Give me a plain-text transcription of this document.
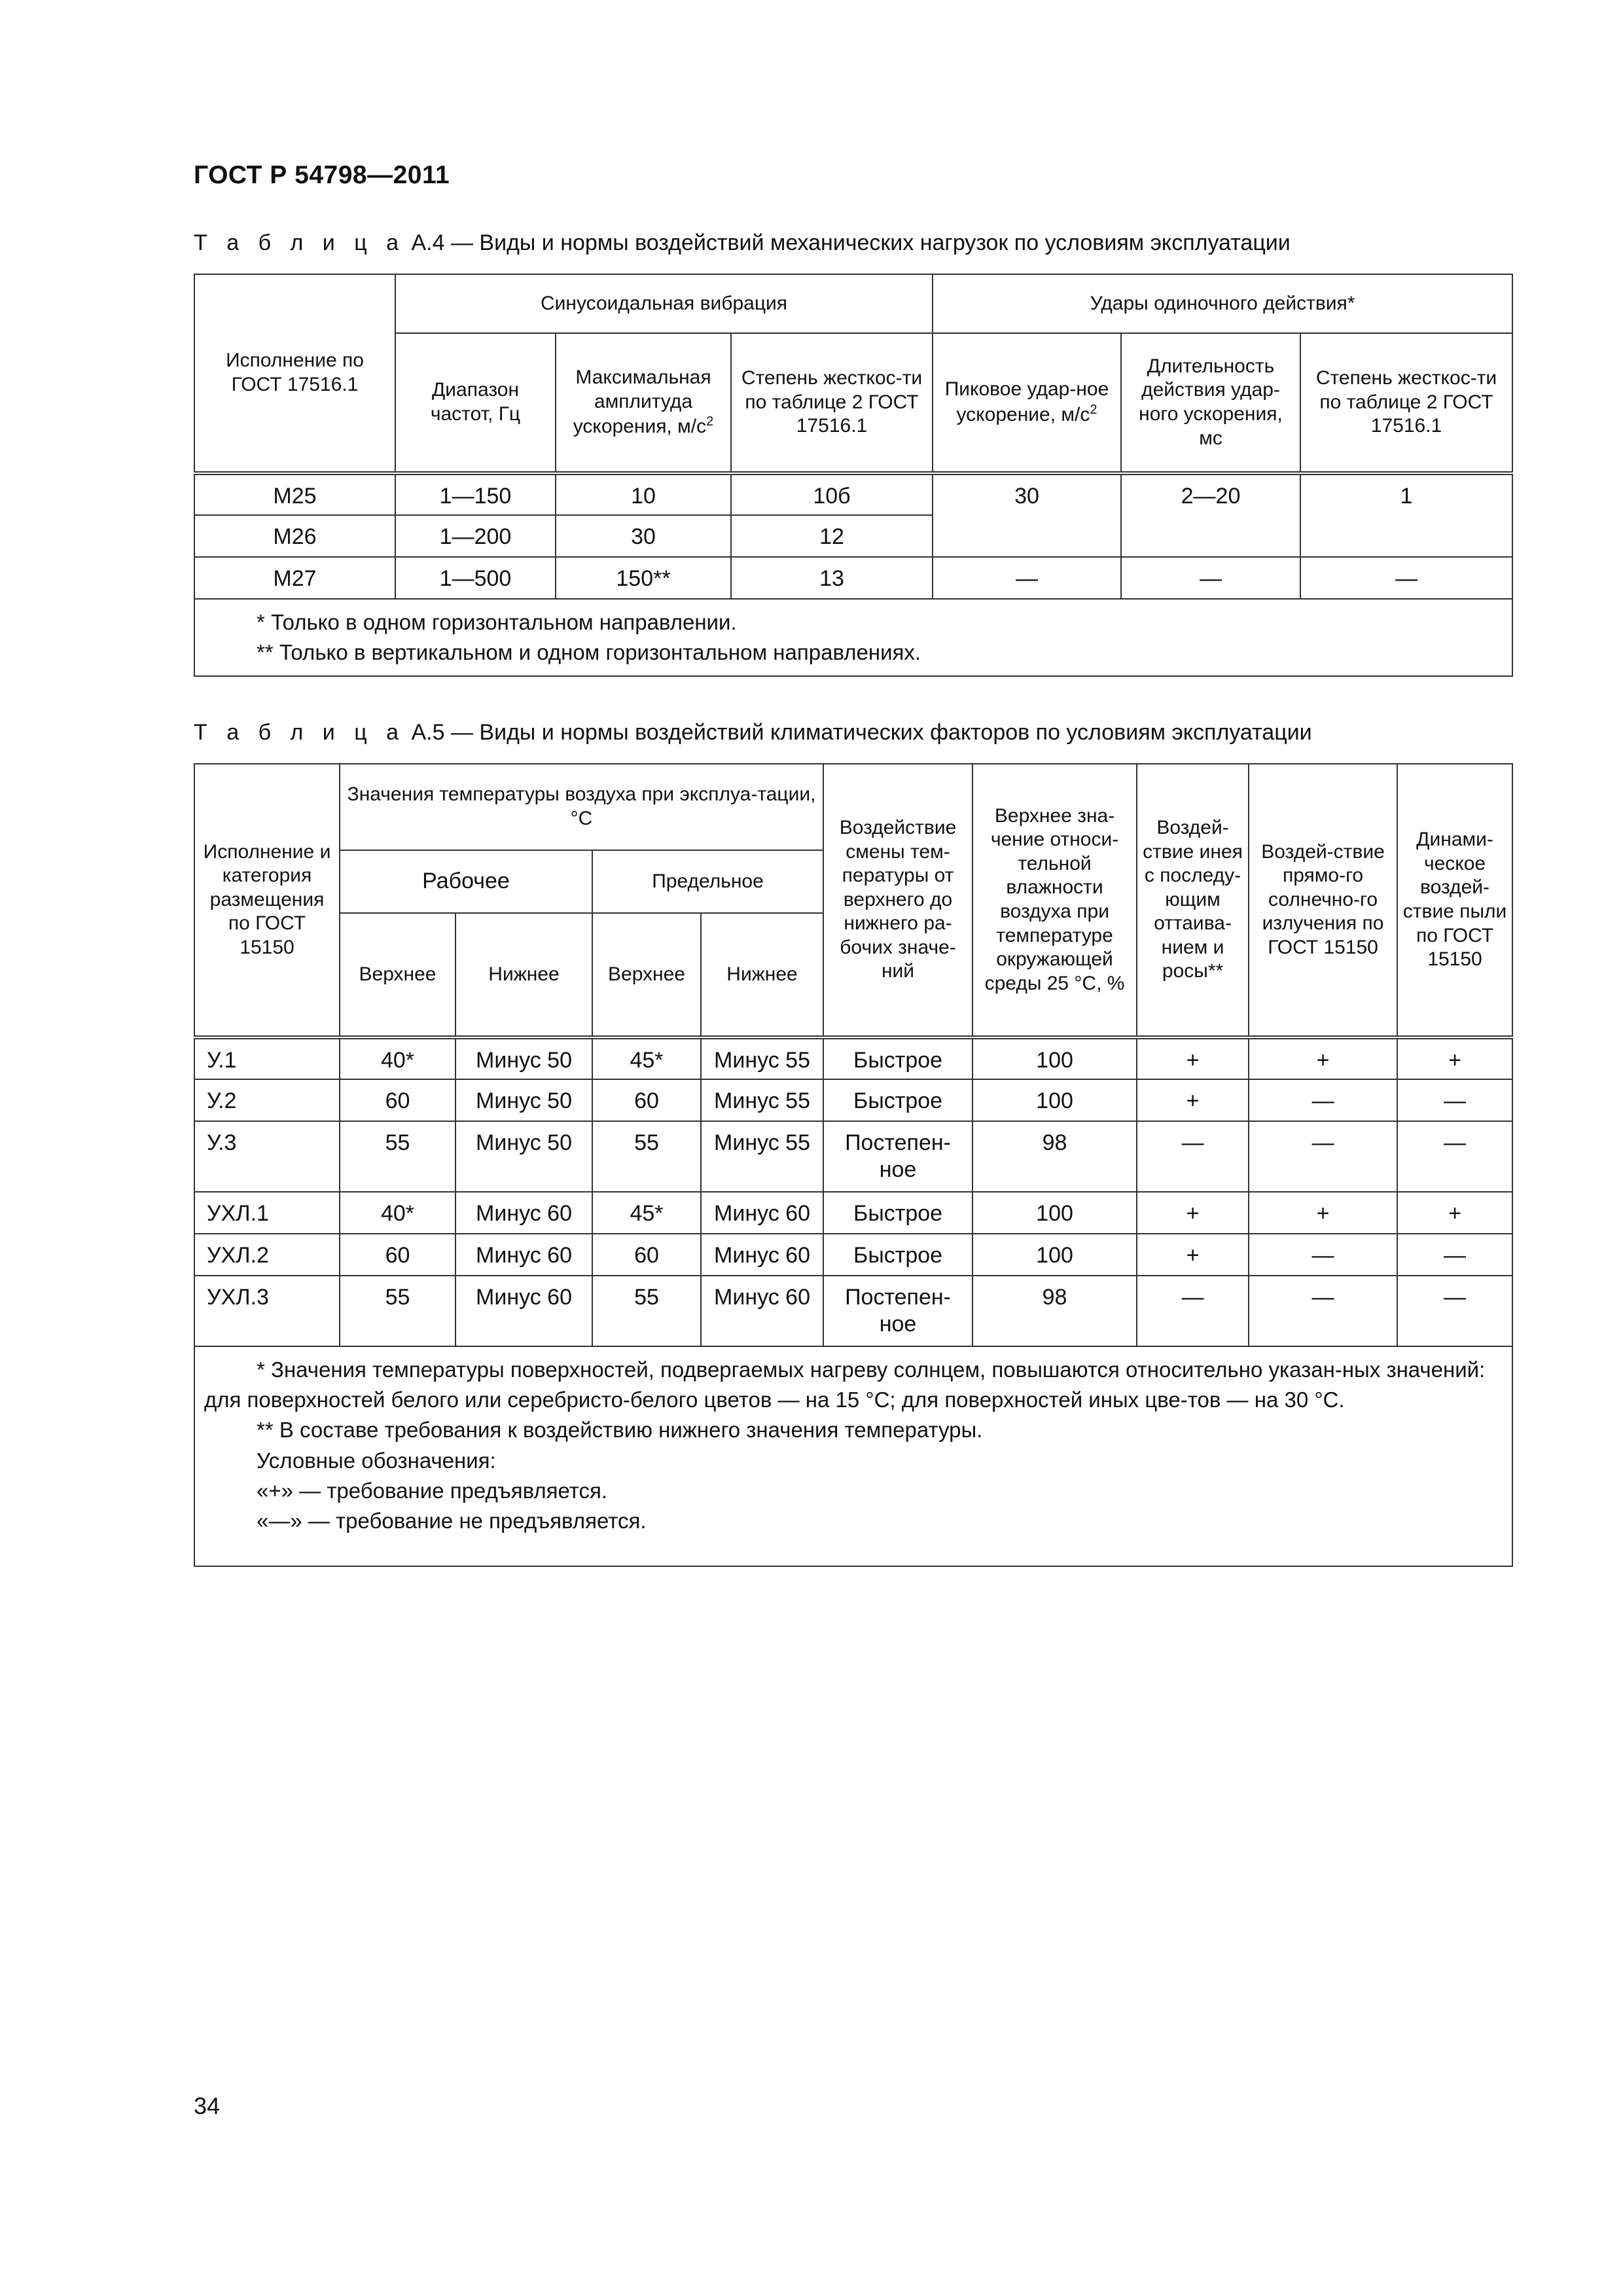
ГОСТ Р 54798—2011
Т а б л и ц а А.4 — Виды и нормы воздействий механических нагрузок по условиям эксплуатации
Исполнение по ГОСТ 17516.1	Синусоидальная вибрация			Удары одиночного действия*		
	Диапазон частот, Гц	Максимальная амплитуда ускорения, $м/с^2$	Степень жесткос-ти по таблице 2 ГОСТ 17516.1	Пиковое удар-ное ускорение, $м/с^2$	Длительность действия удар-ного ускорения, мс	Степень жесткос-ти по таблице 2 ГОСТ 17516.1
М25	1—150	10	10б	30	2—20	1
М26	1—200	30	12			
М27	1—500	150**	13	—	—	—

* Только в одном горизонтальном направлении.
** Только в вертикальном и одном горизонтальном направлениях.						
Т а б л и ц а А.5 — Виды и нормы воздействий климатических факторов по условиям эксплуатации
Исполнение и категория размещения по ГОСТ 15150	Значения температуры воздуха при эксплуа-тации, °С				Воздействие смены тем-пературы от верхнего до нижнего ра-бочих значе-ний	Верхнее зна-чение относи-тельной влажности воздуха при температуре окружающей среды 25 °С, %	Воздей-ствие инея с последу-ющим оттаива-нием и росы**	Воздей-ствие прямо-го солнечно-го излучения по ГОСТ 15150	Динами-ческое воздей-ствие пыли по ГОСТ 15150
	Рабочее		Предельное						
	Верхнее	Нижнее	Верхнее	Нижнее					
У.1	40*	Минус 50	45*	Минус 55	Быстрое	100	+	+	+
У.2	60	Минус 50	60	Минус 55	Быстрое	100	+	—	—
У.3	55	Минус 50	55	Минус 55	Постепен-ное	98	—	—	—
УХЛ.1	40*	Минус 60	45*	Минус 60	Быстрое	100	+	+	+
УХЛ.2	60	Минус 60	60	Минус 60	Быстрое	100	+	—	—
УХЛ.3	55	Минус 60	55	Минус 60	Постепен-ное	98	—	—	—

* Значения температуры поверхностей, подвергаемых нагреву солнцем, повышаются относительно указан-ных значений: для поверхностей белого или серебристо-белого цветов — на 15 °С; для поверхностей иных цве-тов — на 30 °С.
** В составе требования к воздействию нижнего значения температуры.
Условные обозначения:
«+» — требование предъявляется.
«—» — требование не предъявляется.									
34
